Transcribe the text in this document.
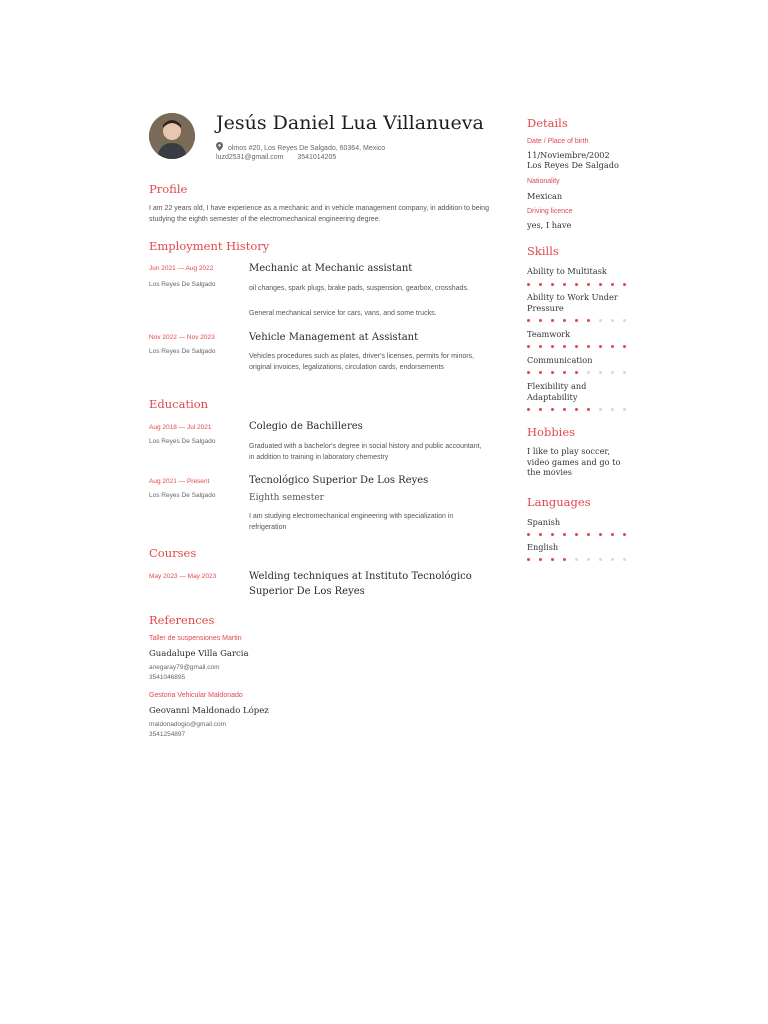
Jesús Daniel Lua Villanueva
olmos #20, Los Reyes De Salgado, 60364, Mexico
luzd2531@gmail.com 3541014205
Profile
I am 22 years old, I have experience as a mechanic and in vehicle management company, in addition to being studying the eighth semester of the electromechanical engineering degree.
Employment History
Jun 2021 — Aug 2022
Los Reyes De Salgado
Mechanic at Mechanic assistant
oil changes, spark plugs, brake pads, suspension, gearbox, crosshads.
General mechanical service for cars, vans, and some trucks.
Nov 2022 — Nov 2023
Los Reyes De Salgado
Vehicle Management at Assistant
Vehicles procedures such as plates, driver's licenses, permits for minors, original invoices, legalizations, circulation cards, endorsements
Education
Aug 2018 — Jul 2021
Los Reyes De Salgado
Colegio de Bachilleres
Graduated with a bachelor's degree in social history and public accountant, in addition to training in laboratory chemestry
Aug 2021 — Present
Los Reyes De Salgado
Tecnológico Superior De Los Reyes
Eighth semester
I am studying electromechanical engineering with specialization in refrigeration
Courses
May 2023 — May 2023	Welding techniques at Instituto Tecnológico
Superior De Los Reyes
References
Taller de suspensiones Martin
Guadalupe Villa Garcia
anegaray79@gmail.com
3541046895
Gestoria Vehicular Maldonado
Geovanni Maldonado López
maldonadogio@gmail.com
3541254897
Details
Date / Place of birth
11/Noviembre/2002
Los Reyes De Salgado
Nationality
Mexican
Driving licence
yes, I have
Skills
Ability to Multitask
Ability to Work Under Pressure
Teamwork
Communication
Flexibility and Adaptability
Hobbies
I like to play soccer, video games and go to the movies
Languages
Spanish
English
